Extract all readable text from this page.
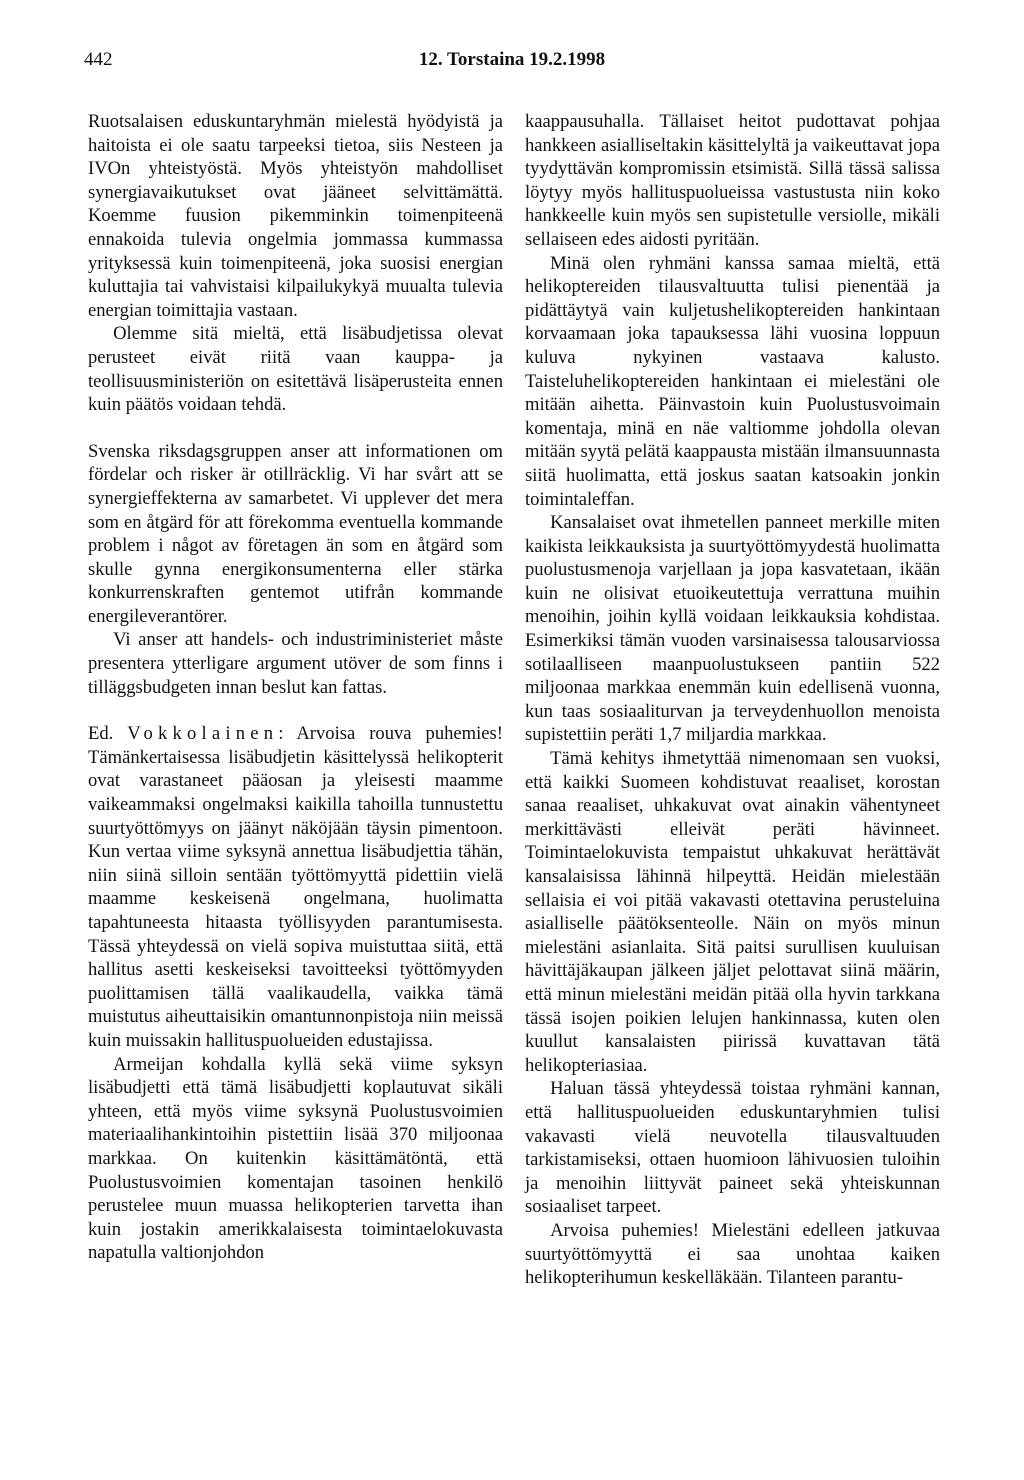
442	12. Torstaina 19.2.1998

Ruotsalaisen eduskuntaryhmän mielestä hyödyistä ja haitoista ei ole saatu tarpeeksi tietoa, siis Nesteen ja IVOn yhteistyöstä. Myös yhteistyön mahdolliset synergiavaikutukset ovat jääneet selvittämättä. Koemme fuusion pikemminkin toimenpiteenä ennakoida tulevia ongelmia jommassa kummassa yrityksessä kuin toimenpiteenä, joka suosisi energian kuluttajia tai vahvistaisi kilpailukykyä muualta tulevia energian toimittajia vastaan.

Olemme sitä mieltä, että lisäbudjetissa olevat perusteet eivät riitä vaan kauppa- ja teollisuusministeriön on esitettävä lisäperusteita ennen kuin päätös voidaan tehdä.

Svenska riksdagsgruppen anser att informationen om fördelar och risker är otillräcklig. Vi har svårt att se synergieffekterna av samarbetet. Vi upplever det mera som en åtgärd för att förekomma eventuella kommande problem i något av företagen än som en åtgärd som skulle gynna energikonsumenterna eller stärka konkurrenskraften gentemot utifrån kommande energileverantörer.

Vi anser att handels- och industriministeriet måste presentera ytterligare argument utöver de som finns i tilläggsbudgeten innan beslut kan fattas.

Ed. Vokkolainen: Arvoisa rouva puhemies! Tämänkertaisessa lisäbudjetin käsittelyssä helikopterit ovat varastaneet pääosan ja yleisesti maamme vaikeammaksi ongelmaksi kaikilla tahoilla tunnustettu suurtyöttömyys on jäänyt näköjään täysin pimentoon. Kun vertaa viime syksynä annettua lisäbudjettia tähän, niin siinä silloin sentään työttömyyttä pidettiin vielä maamme keskeisenä ongelmana, huolimatta tapahtuneesta hitaasta työllisyyden parantumisesta. Tässä yhteydessä on vielä sopiva muistuttaa siitä, että hallitus asetti keskeiseksi tavoitteeksi työttömyyden puolittamisen tällä vaalikaudella, vaikka tämä muistutus aiheuttaisikin omantunnonpistoja niin meissä kuin muissakin hallituspuolueiden edustajissa.

Armeijan kohdalla kyllä sekä viime syksyn lisäbudjetti että tämä lisäbudjetti koplautuvat sikäli yhteen, että myös viime syksynä Puolustusvoimien materiaalihankintoihin pistettiin lisää 370 miljoonaa markkaa. On kuitenkin käsittämätöntä, että Puolustusvoimien komentajan tasoinen henkilö perustelee muun muassa helikopterien tarvetta ihan kuin jostakin amerikkalaisesta toimintaelokuvasta napatulla valtionjohdon

kaappausuhalla. Tällaiset heitot pudottavat pohjaa hankkeen asialliseltakin käsittelyltä ja vaikeuttavat jopa tyydyttävän kompromissin etsimistä. Sillä tässä salissa löytyy myös hallituspuolueissa vastustusta niin koko hankkeelle kuin myös sen supistetulle versiolle, mikäli sellaiseen edes aidosti pyritään.

Minä olen ryhmäni kanssa samaa mieltä, että helikoptereiden tilausvaltuutta tulisi pienentää ja pidättäytyä vain kuljetushelikoptereiden hankintaan korvaamaan joka tapauksessa lähi vuosina loppuun kuluva nykyinen vastaava kalusto. Taisteluhelikoptereiden hankintaan ei mielestäni ole mitään aihetta. Päinvastoin kuin Puolustusvoimain komentaja, minä en näe valtiomme johdolla olevan mitään syytä pelätä kaappausta mistään ilmansuunnasta siitä huolimatta, että joskus saatan katsoakin jonkin toimintaleffan.

Kansalaiset ovat ihmetellen panneet merkille miten kaikista leikkauksista ja suurtyöttömyydestä huolimatta puolustusmenoja varjellaan ja jopa kasvatetaan, ikään kuin ne olisivat etuoikeutettuja verrattuna muihin menoihin, joihin kyllä voidaan leikkauksia kohdistaa. Esimerkiksi tämän vuoden varsinaisessa talousarviossa sotilaalliseen maanpuolustukseen pantiin 522 miljoonaa markkaa enemmän kuin edellisenä vuonna, kun taas sosiaaliturvan ja terveydenhuollon menoista supistettiin peräti 1,7 miljardia markkaa.

Tämä kehitys ihmetyttää nimenomaan sen vuoksi, että kaikki Suomeen kohdistuvat reaaliset, korostan sanaa reaaliset, uhkakuvat ovat ainakin vähentyneet merkittävästi elleivät peräti hävinneet. Toimintaelokuvista tempaistut uhkakuvat herättävät kansalaisissa lähinnä hilpeyttä. Heidän mielestään sellaisia ei voi pitää vakavasti otettavina perusteluina asialliselle päätöksenteolle. Näin on myös minun mielestäni asianlaita. Sitä paitsi surullisen kuuluisan hävittäjäkaupan jälkeen jäljet pelottavat siinä määrin, että minun mielestäni meidän pitää olla hyvin tarkkana tässä isojen poikien lelujen hankinnassa, kuten olen kuullut kansalaisten piirissä kuvattavan tätä helikopteriasiaa.

Haluan tässä yhteydessä toistaa ryhmäni kannan, että hallituspuolueiden eduskuntaryhmien tulisi vakavasti vielä neuvotella tilausvaltuuden tarkistamiseksi, ottaen huomioon lähivuosien tuloihin ja menoihin liittyvät paineet sekä yhteiskunnan sosiaaliset tarpeet.

Arvoisa puhemies! Mielestäni edelleen jatkuvaa suurtyöttömyyttä ei saa unohtaa kaiken helikopterihumun keskelläkään. Tilanteen parantu-
